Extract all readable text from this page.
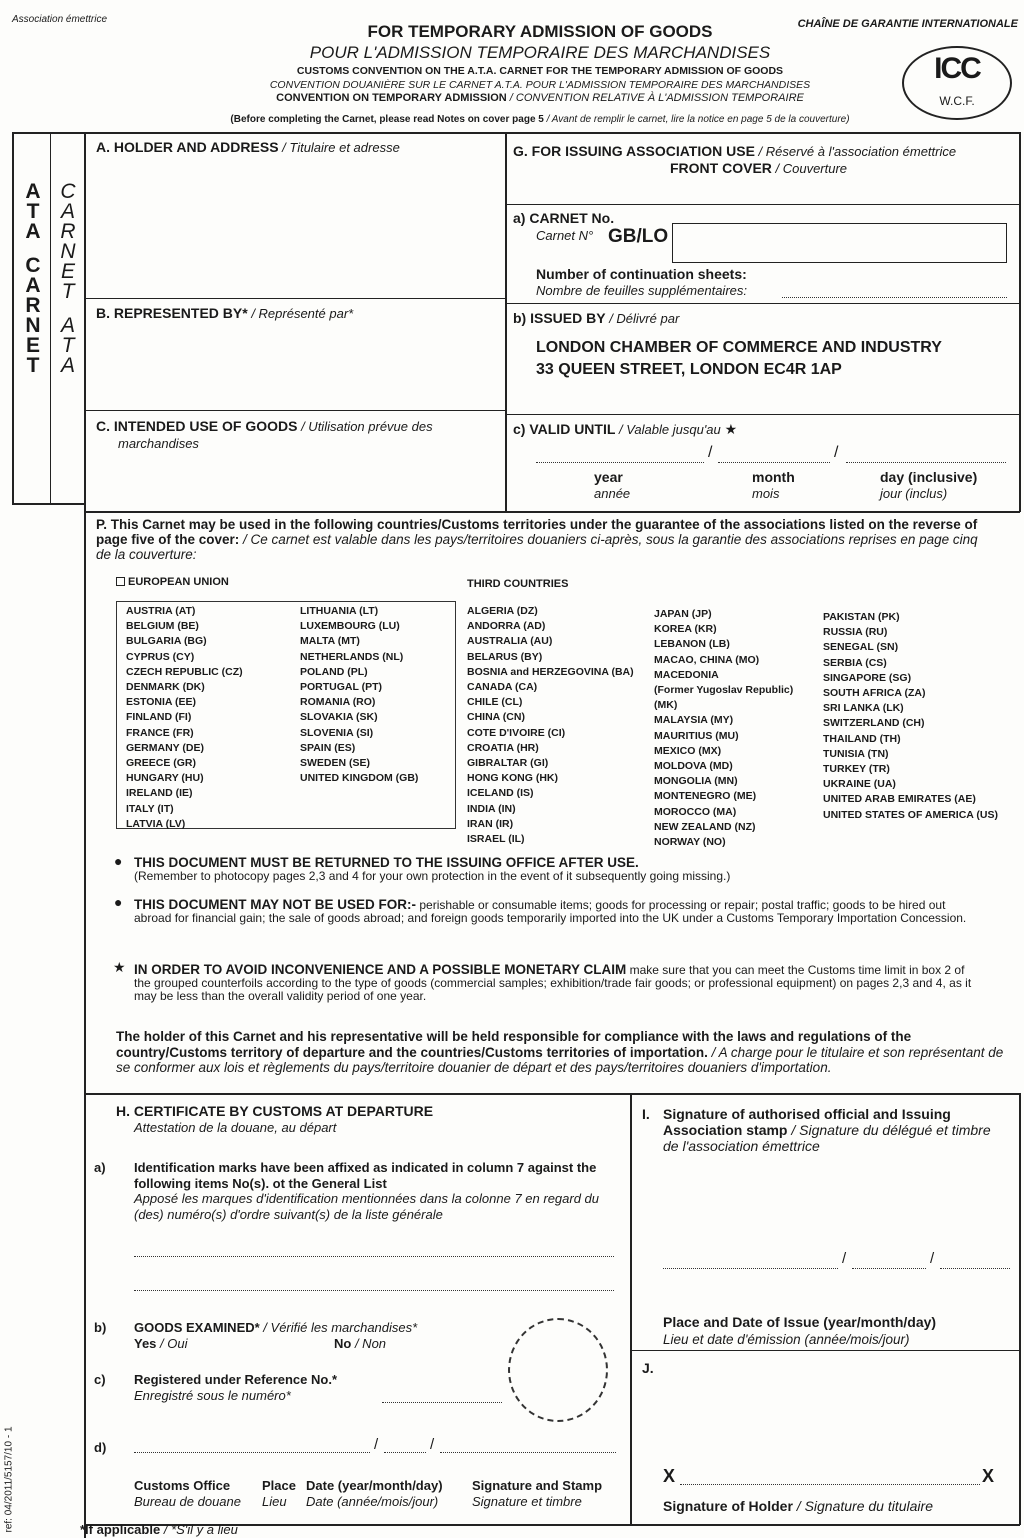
Association émettrice	CHAÎNE DE GARANTIE INTERNATIONALE
FOR TEMPORARY ADMISSION OF GOODS
POUR L'ADMISSION TEMPORAIRE DES MARCHANDISES
CUSTOMS CONVENTION ON THE A.T.A. CARNET FOR THE TEMPORARY ADMISSION OF GOODS
CONVENTION DOUANIÈRE SUR LE CARNET A.T.A. POUR L'ADMISSION TEMPORAIRE DES MARCHANDISES
CONVENTION ON TEMPORARY ADMISSION / CONVENTION RELATIVE À L'ADMISSION TEMPORAIRE
(Before completing the Carnet, please read Notes on cover page 5 / Avant de remplir le carnet, lire la notice en page 5 de la couverture)
ICC
W.C.F.
A
T
A
C
A
R
N
E
T
C
A
R
N
E
T
A
T
A
A. HOLDER AND ADDRESS / Titulaire et adresse
B. REPRESENTED BY* / Représenté par*
C. INTENDED USE OF GOODS / Utilisation prévue des
marchandises
G. FOR ISSUING ASSOCIATION USE / Réservé à l'association émettrice
FRONT COVER / Couverture
a) CARNET No.
Carnet N° GB/LO
Number of continuation sheets:
Nombre de feuilles supplémentaires:
b) ISSUED BY / Délivré par
LONDON CHAMBER OF COMMERCE AND INDUSTRY
33 QUEEN STREET, LONDON EC4R 1AP
c) VALID UNTIL / Valable jusqu'au ★
/	/
year
année
month
mois
day (inclusive)
jour (inclus)
P. This Carnet may be used in the following countries/Customs territories under the guarantee of the associations listed on the reverse of page five of the cover: / Ce carnet est valable dans les pays/territoires douaniers ci-après, sous la garantie des associations reprises en page cinq de la couverture:
EUROPEAN UNION	THIRD COUNTRIES
AUSTRIA (AT)
BELGIUM (BE)
BULGARIA (BG)
CYPRUS (CY)
CZECH REPUBLIC (CZ)
DENMARK (DK)
ESTONIA (EE)
FINLAND (FI)
FRANCE (FR)
GERMANY (DE)
GREECE (GR)
HUNGARY (HU)
IRELAND (IE)
ITALY (IT)
LATVIA (LV)
LITHUANIA (LT)
LUXEMBOURG (LU)
MALTA (MT)
NETHERLANDS (NL)
POLAND (PL)
PORTUGAL (PT)
ROMANIA (RO)
SLOVAKIA (SK)
SLOVENIA (SI)
SPAIN (ES)
SWEDEN (SE)
UNITED KINGDOM (GB)
ALGERIA (DZ)
ANDORRA (AD)
AUSTRALIA (AU)
BELARUS (BY)
BOSNIA and HERZEGOVINA (BA)
CANADA (CA)
CHILE (CL)
CHINA (CN)
COTE D'IVOIRE (CI)
CROATIA (HR)
GIBRALTAR (GI)
HONG KONG (HK)
ICELAND (IS)
INDIA (IN)
IRAN (IR)
ISRAEL (IL)
JAPAN (JP)
KOREA (KR)
LEBANON (LB)
MACAO, CHINA (MO)
MACEDONIA
(Former Yugoslav Republic)
(MK)
MALAYSIA (MY)
MAURITIUS (MU)
MEXICO (MX)
MOLDOVA (MD)
MONGOLIA (MN)
MONTENEGRO (ME)
MOROCCO (MA)
NEW ZEALAND (NZ)
NORWAY (NO)
PAKISTAN (PK)
RUSSIA (RU)
SENEGAL (SN)
SERBIA (CS)
SINGAPORE (SG)
SOUTH AFRICA (ZA)
SRI LANKA (LK)
SWITZERLAND (CH)
THAILAND (TH)
TUNISIA (TN)
TURKEY (TR)
UKRAINE (UA)
UNITED ARAB EMIRATES (AE)
UNITED STATES OF AMERICA (US)
● THIS DOCUMENT MUST BE RETURNED TO THE ISSUING OFFICE AFTER USE.
(Remember to photocopy pages 2,3 and 4 for your own protection in the event of it subsequently going missing.)
● THIS DOCUMENT MAY NOT BE USED FOR:- perishable or consumable items; goods for processing or repair; postal traffic; goods to be hired out abroad for financial gain; the sale of goods abroad; and foreign goods temporarily imported into the UK under a Customs Temporary Importation Concession.
★ IN ORDER TO AVOID INCONVENIENCE AND A POSSIBLE MONETARY CLAIM make sure that you can meet the Customs time limit in box 2 of the grouped counterfoils according to the type of goods (commercial samples; exhibition/trade fair goods; or professional equipment) on pages 2,3 and 4, as it may be less than the overall validity period of one year.
The holder of this Carnet and his representative will be held responsible for compliance with the laws and regulations of the country/Customs territory of departure and the countries/Customs territories of importation. / A charge pour le titulaire et son représentant de se conformer aux lois et règlements du pays/territoire douanier de départ et des pays/territoires douaniers d'importation.
H. CERTIFICATE BY CUSTOMS AT DEPARTURE
Attestation de la douane, au départ
a) Identification marks have been affixed as indicated in column 7 against the following items No(s). ot the General List
Apposé les marques d'identification mentionnées dans la colonne 7 en regard du (des) numéro(s) d'ordre suivant(s) de la liste générale
b) GOODS EXAMINED* / Vérifié les marchandises*
Yes / Oui	No / Non
c) Registered under Reference No.*
Enregistré sous le numéro*
d)	/	/
Customs Office
Bureau de douane
Place
Lieu
Date (year/month/day)
Date (année/mois/jour)
Signature and Stamp
Signature et timbre
I. Signature of authorised official and Issuing Association stamp / Signature du délégué et timbre de l'association émettrice
/	/
Place and Date of Issue (year/month/day)
Lieu et date d'émission (année/mois/jour)
J.
X	X
Signature of Holder / Signature du titulaire
*If applicable / *S'il y a lieu
ref: 04/2011/5157/10 - 1
